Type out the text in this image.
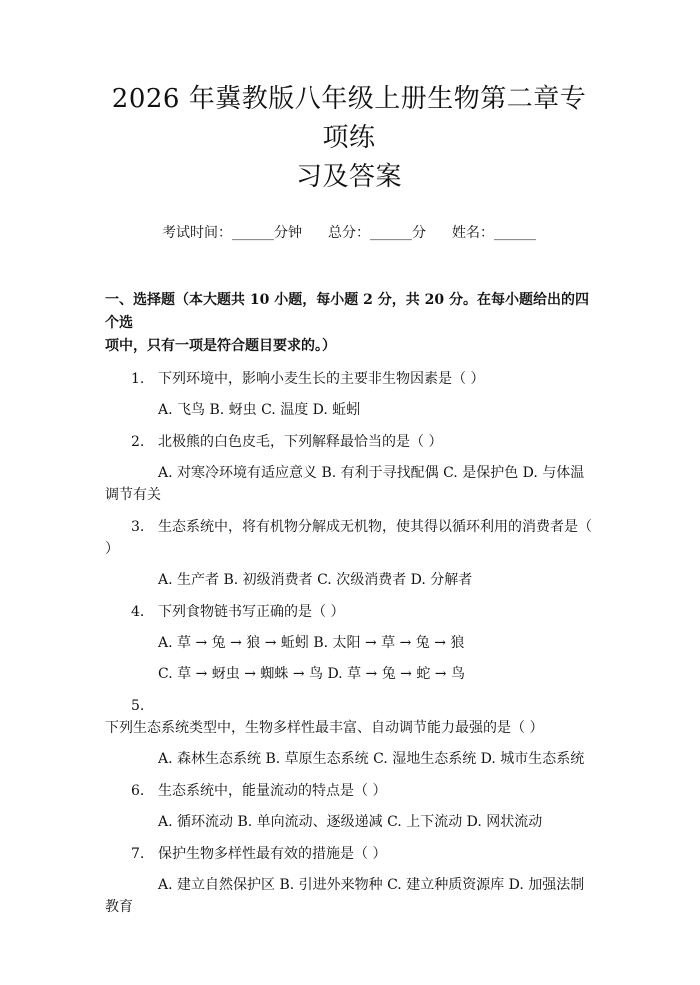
2026 年冀教版八年级上册生物第二章专项练
习及答案
考试时间：______分钟 总分：______分 姓名：______
一、选择题（本大题共 10 小题，每小题 2 分，共 20 分。在每小题给出的四个选
项中，只有一项是符合题目要求的。）
1. 下列环境中，影响小麦生长的主要非生物因素是（ ）
A. 飞鸟 B. 蚜虫 C. 温度 D. 蚯蚓
2. 北极熊的白色皮毛，下列解释最恰当的是（ ）
A. 对寒冷环境有适应意义 B. 有利于寻找配偶 C. 是保护色 D. 与体温调节有关
3. 生态系统中，将有机物分解成无机物，使其得以循环利用的消费者是（ ）
A. 生产者 B. 初级消费者 C. 次级消费者 D. 分解者
4. 下列食物链书写正确的是（ ）
A. 草 → 兔 → 狼 → 蚯蚓 B. 太阳 → 草 → 兔 → 狼
C. 草 → 蚜虫 → 蜘蛛 → 鸟 D. 草 → 兔 → 蛇 → 鸟
5.下列生态系统类型中，生物多样性最丰富、自动调节能力最强的是（ ）
A. 森林生态系统 B. 草原生态系统 C. 湿地生态系统 D. 城市生态系统
6. 生态系统中，能量流动的特点是（ ）
A. 循环流动 B. 单向流动、逐级递减 C. 上下流动 D. 网状流动
7. 保护生物多样性最有效的措施是（ ）
A. 建立自然保护区 B. 引进外来物种 C. 建立种质资源库 D. 加强法制教育
